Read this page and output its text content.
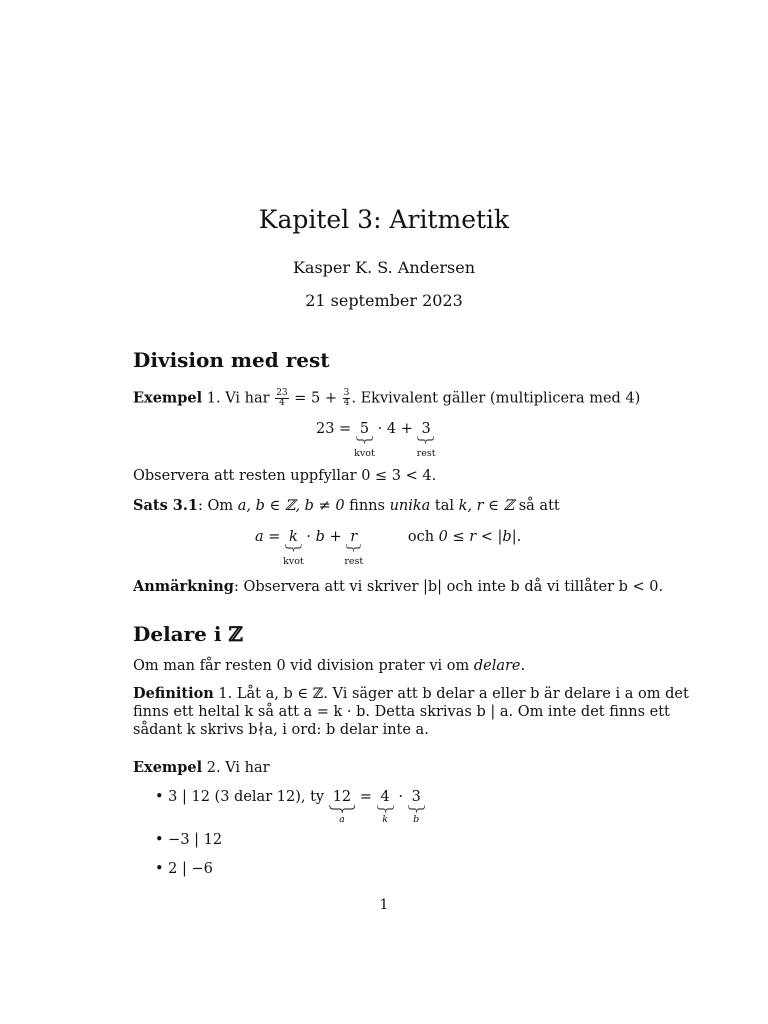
Kapitel 3: Aritmetik
Kasper K. S. Andersen
21 september 2023
Division med rest
Exempel 1. Vi har $\frac{23}{4} = 5 + \frac{3}{4}$ . Ekvivalent gäller (multiplicera med 4)
23 = 5
kvot
· 4 + 3
rest
Observera att resten uppfyllar 0 ≤ 3 < 4.
Sats 3.1: Om a, b ∈ ℤ, b ≠ 0 finns unika tal k, r ∈ ℤ så att
a = k
kvot
· b + r
rest
och 0 ≤ r < |b|.
Anmärkning: Observera att vi skriver |b| och inte b då vi tillåter b < 0.
Delare i ℤ
Om man får resten 0 vid division prater vi om delare.
Definition 1. Låt a, b ∈ ℤ. Vi säger att b delar a eller b är delare i a om det
finns ett heltal k så att a = k · b. Detta skrivas b | a. Om inte det finns ett
sådant k skrivs b∤a, i ord: b delar inte a.
Exempel 2. Vi har
• 3 | 12 (3 delar 12), ty 12
a
= 4
k
· 3
b
• −3 | 12
• 2 | −6
1
